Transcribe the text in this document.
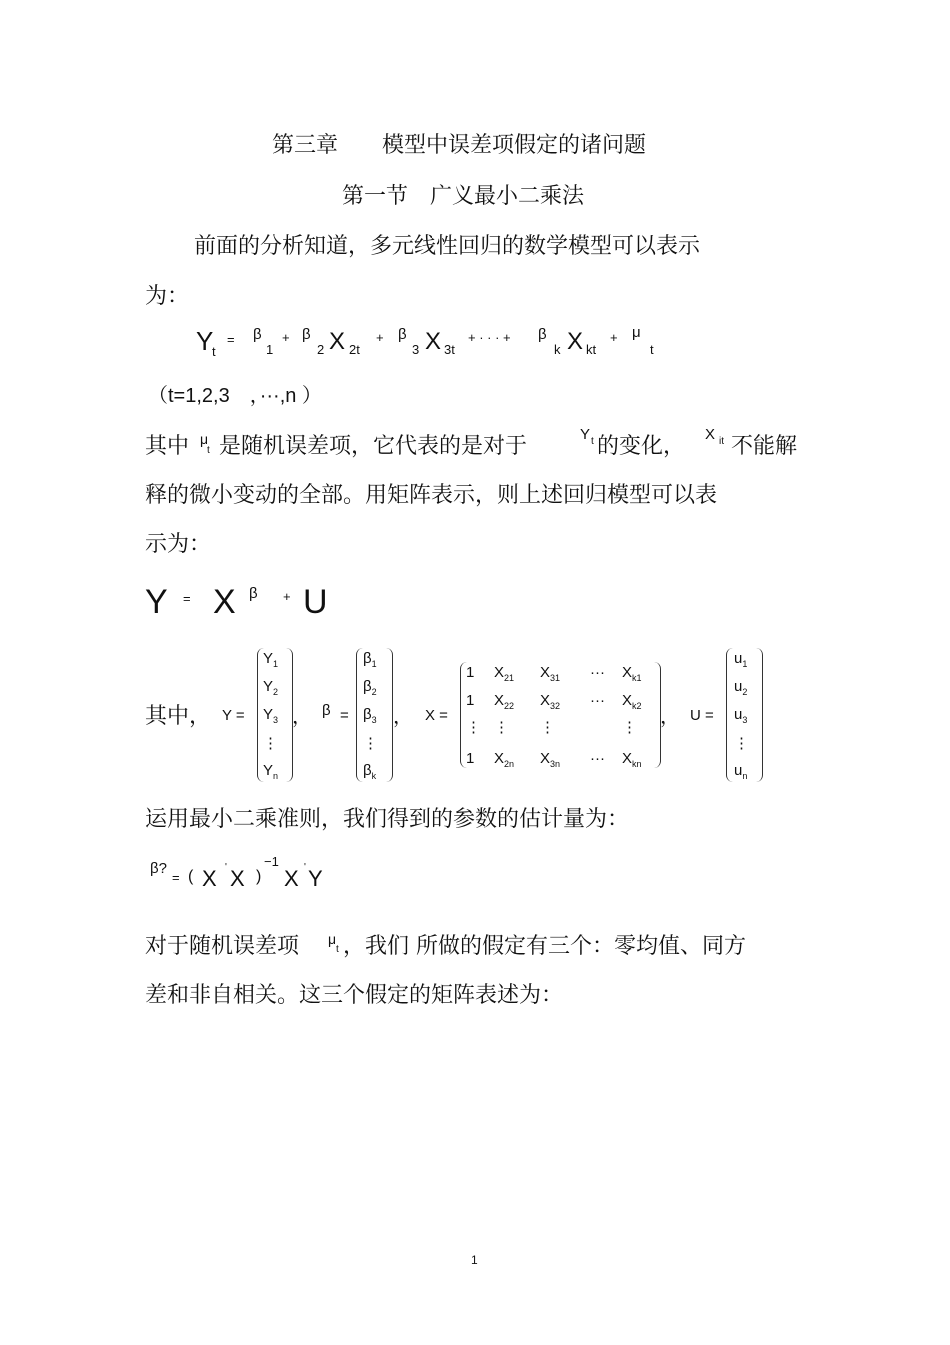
第三章　　模型中误差项假定的诸问题
第一节　广义最小二乘法
前面的分析知道，多元线性回归的数学模型可以表示
为：
Y
t
= β
1
+ β
2 X 2t
+ β
3 X 3t
+ · · · + β
k X kt
+ μ
t
（t=1,2,3　，···,n ）
其中 μ
t 是随机误差项，它代表的是对于	Y t 的变化， X it 不能解
释的微小变动的全部。用矩阵表示，则上述回归模型可以表
示为：
Y = X β + U
其中， Y =
$Y_1$
$Y_2$
$Y_3$
⋮
$Y_n$
， β =
$\beta_1$
$\beta_2$
$\beta_3$
⋮
$\beta_k$
， X =
1 $X_{21}$ $X_{31}$ ··· $X_{k1}$
1 $X_{22}$ $X_{32}$ ··· $X_{k2}$
⋮ ⋮ ⋮	⋮
1 $X_{2n}$ $X_{3n}$ ··· $X_{kn}$
， U =
$u_1$
$u_2$
$u_3$
⋮
$u_n$
运用最小二乘准则，我们得到的参数的估计量为：
β?
= ( X ' X )
−1
X ' Y
对于随机误差项 μ
t ，我们 所做的假定有三个：零均值、同方
差和非自相关。这三个假定的矩阵表述为：
1
